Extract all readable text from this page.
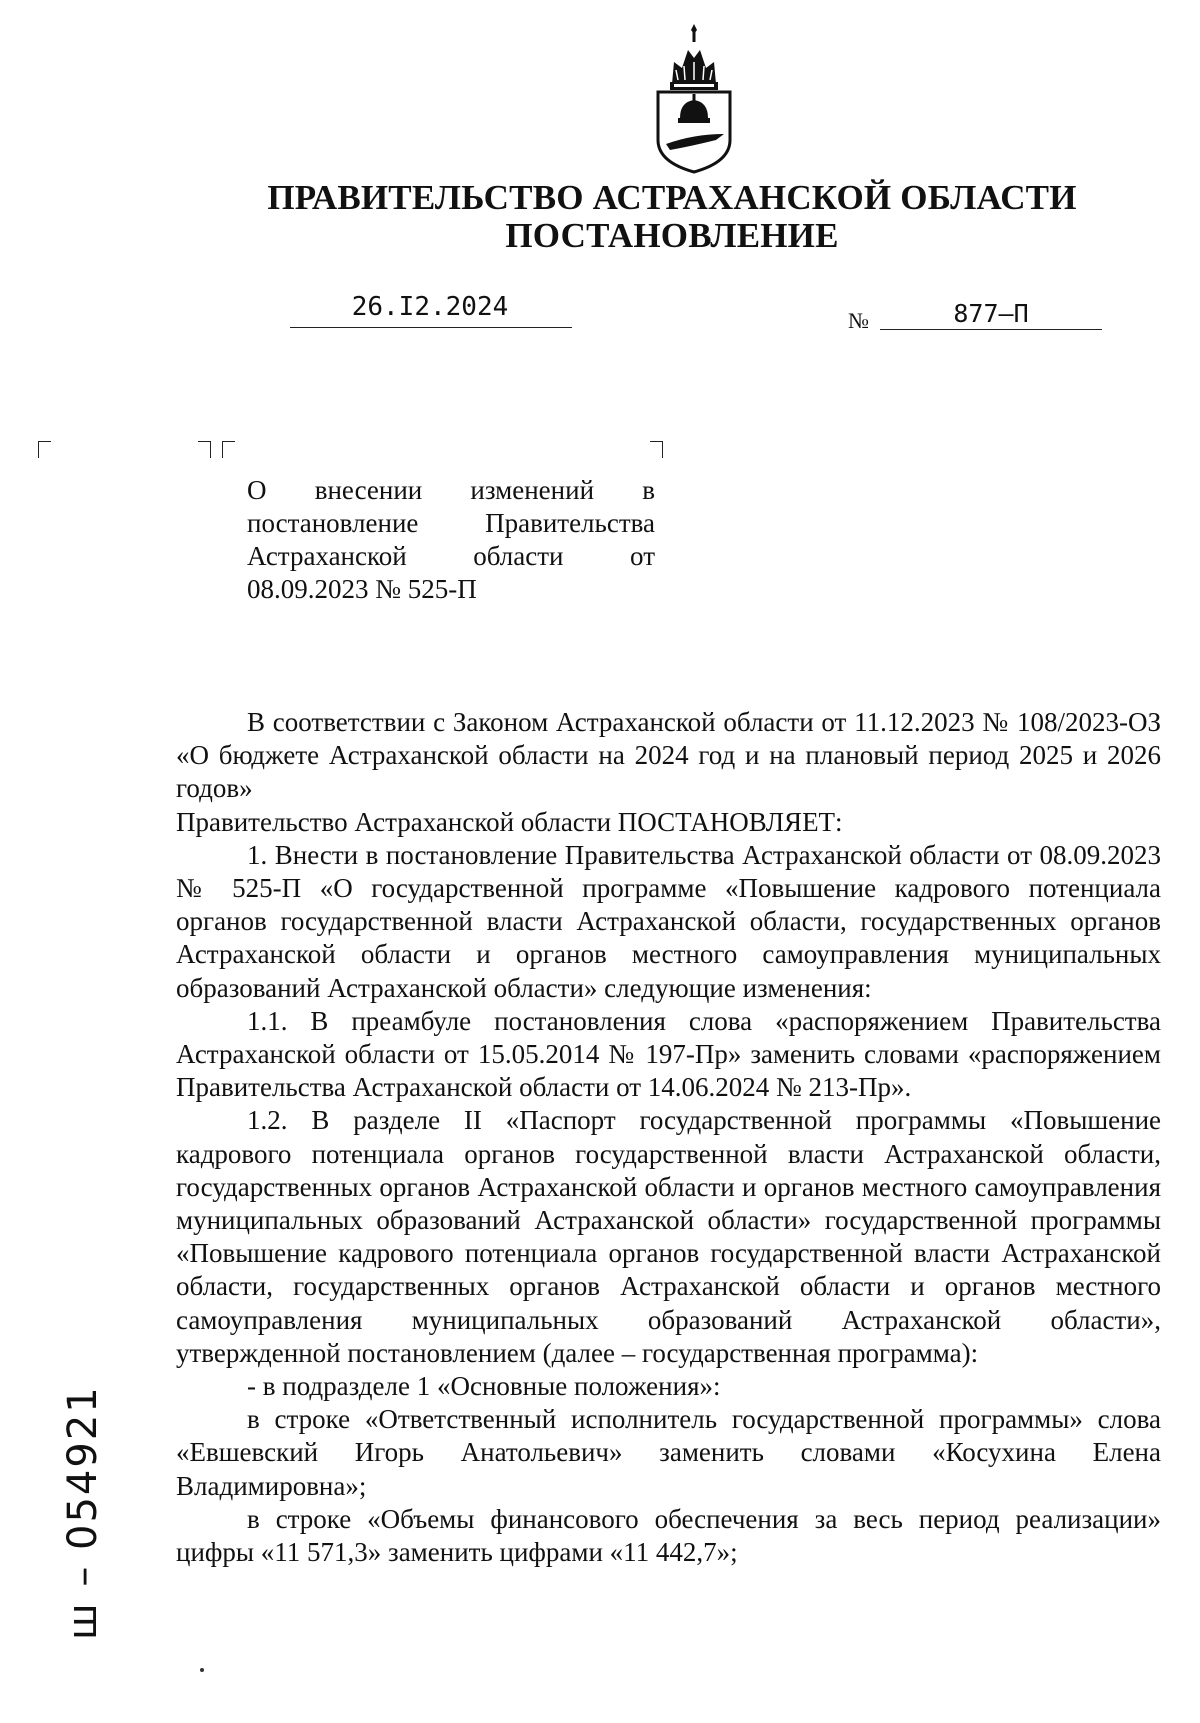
ПРАВИТЕЛЬСТВО АСТРАХАНСКОЙ ОБЛАСТИ
ПОСТАНОВЛЕНИЕ
26.I2.2024	№	877–П

О внесении изменений в постановление Правительства Астраханской области от 08.09.2023 № 525-П

В соответствии с Законом Астраханской области от 11.12.2023 № 108/2023-ОЗ «О бюджете Астраханской области на 2024 год и на плановый период 2025 и 2026 годов»

Правительство Астраханской области ПОСТАНОВЛЯЕТ:

1. Внести в постановление Правительства Астраханской области от 08.09.2023 № 525-П «О государственной программе «Повышение кадрового потенциала органов государственной власти Астраханской области, государственных органов Астраханской области и органов местного самоуправления муниципальных образований Астраханской области» следующие изменения:

1.1. В преамбуле постановления слова «распоряжением Правительства Астраханской области от 15.05.2014 № 197-Пр» заменить словами «распоряжением Правительства Астраханской области от 14.06.2024 № 213-Пр».

1.2. В разделе II «Паспорт государственной программы «Повышение кадрового потенциала органов государственной власти Астраханской области, государственных органов Астраханской области и органов местного самоуправления муниципальных образований Астраханской области» государственной программы «Повышение кадрового потенциала органов государственной власти Астраханской области, государственных органов Астраханской области и органов местного самоуправления муниципальных образований Астраханской области», утвержденной постановлением (далее – государственная программа):

- в подразделе 1 «Основные положения»:

в строке «Ответственный исполнитель государственной программы» слова «Евшевский Игорь Анатольевич» заменить словами «Косухина Елена Владимировна»;

в строке «Объемы финансового обеспечения за весь период реализации» цифры «11 571,3» заменить цифрами «11 442,7»;

ш – 054921
